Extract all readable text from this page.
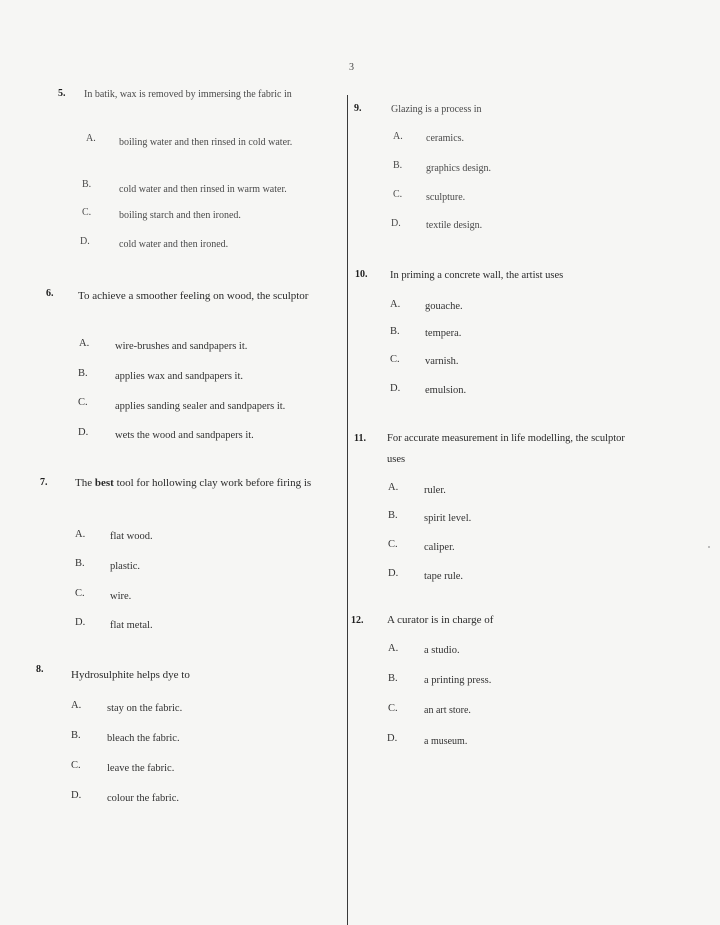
3
5. In batik, wax is removed by immersing the fabric in
A. boiling water and then rinsed in cold water.
B.	cold water and then rinsed in warm water.
C.	boiling starch and then ironed.
D.	cold water and then ironed.
6. To achieve a smoother feeling on wood, the sculptor
A. wire-brushes and sandpapers it.
B.	applies wax and sandpapers it.
C.	applies sanding sealer and sandpapers it.
D.	wets the wood and sandpapers it.
7.	The best tool for hollowing clay work before firing is
A. flat wood.
B. plastic.
C. wire.
D. flat metal.
8.	Hydrosulphite helps dye to
A. stay on the fabric.
B.	bleach the fabric.
C.	leave the fabric.
D. colour the fabric.
9.	Glazing is a process in
A. ceramics.
B. graphics design.
C. sculpture.
D.	textile design.
10. In priming a concrete wall, the artist uses
A. gouache.
B. tempera.
C. varnish.
D. emulsion.
11. For accurate measurement in life modelling, the sculptor uses
A. ruler.
B.	spirit level.
C.	caliper.
D. tape rule.
12. A curator is in charge of
A. a studio.
B.	a printing press.
C.	an art store.
D.	a museum.
